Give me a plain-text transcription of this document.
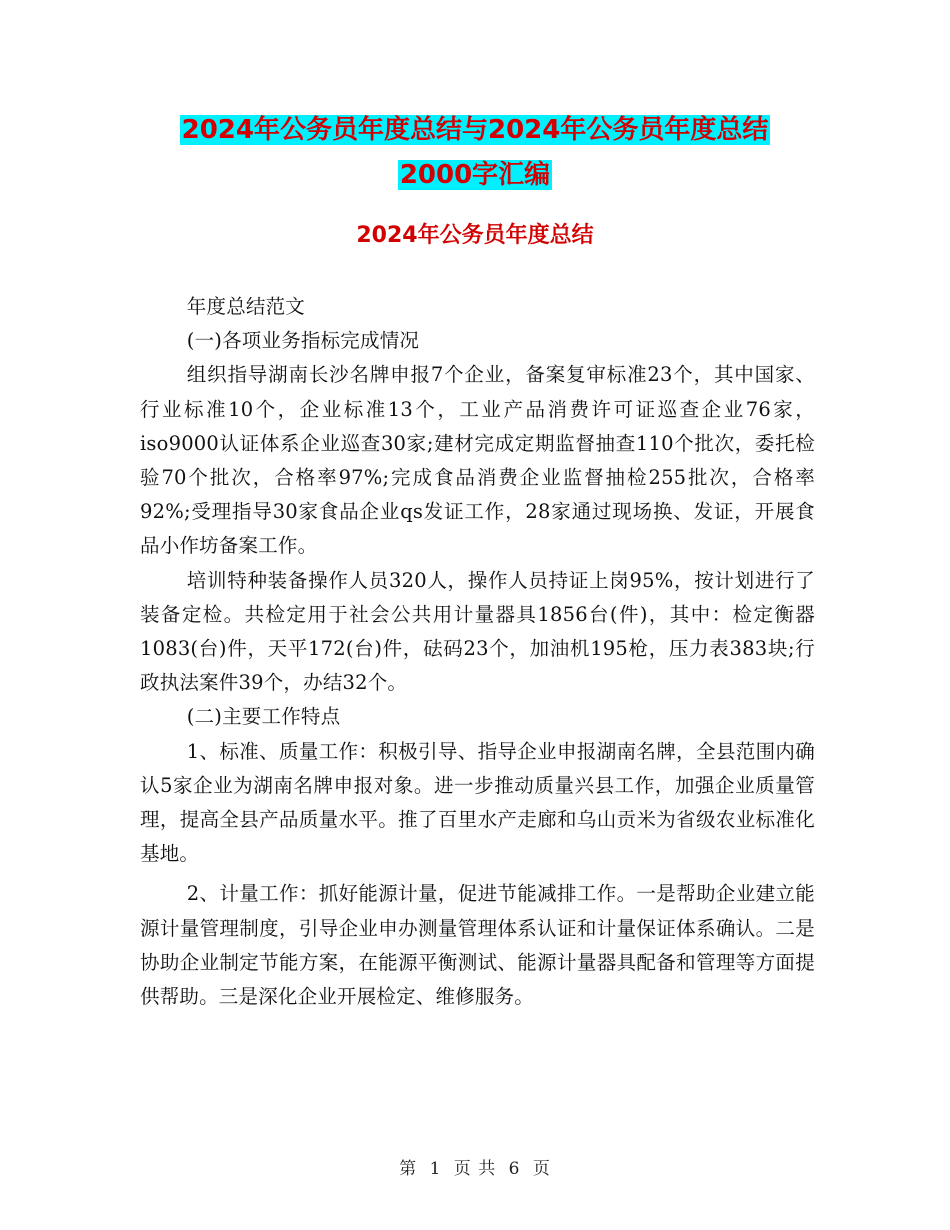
2024年公务员年度总结与2024年公务员年度总结
2000字汇编
2024年公务员年度总结

年度总结范文

(一)各项业务指标完成情况

组织指导湖南长沙名牌申报7个企业，备案复审标准23个，其中国家、行业标准10个，企业标准13个，工业产品消费许可证巡查企业76家，iso9000认证体系企业巡查30家;建材完成定期监督抽查110个批次，委托检验70个批次，合格率97%;完成食品消费企业监督抽检255批次，合格率92%;受理指导30家食品企业qs发证工作，28家通过现场换、发证，开展食品小作坊备案工作。

培训特种装备操作人员320人，操作人员持证上岗95%，按计划进行了装备定检。共检定用于社会公共用计量器具1856台(件)，其中：检定衡器1083(台)件，天平172(台)件，砝码23个，加油机195枪，压力表383块;行政执法案件39个，办结32个。

(二)主要工作特点

1、标准、质量工作：积极引导、指导企业申报湖南名牌，全县范围内确认5家企业为湖南名牌申报对象。进一步推动质量兴县工作，加强企业质量管理，提高全县产品质量水平。推了百里水产走廊和乌山贡米为省级农业标准化基地。

2、计量工作：抓好能源计量，促进节能减排工作。一是帮助企业建立能源计量管理制度，引导企业申办测量管理体系认证和计量保证体系确认。二是协助企业制定节能方案，在能源平衡测试、能源计量器具配备和管理等方面提供帮助。三是深化企业开展检定、维修服务。

第 1 页 共 6 页
